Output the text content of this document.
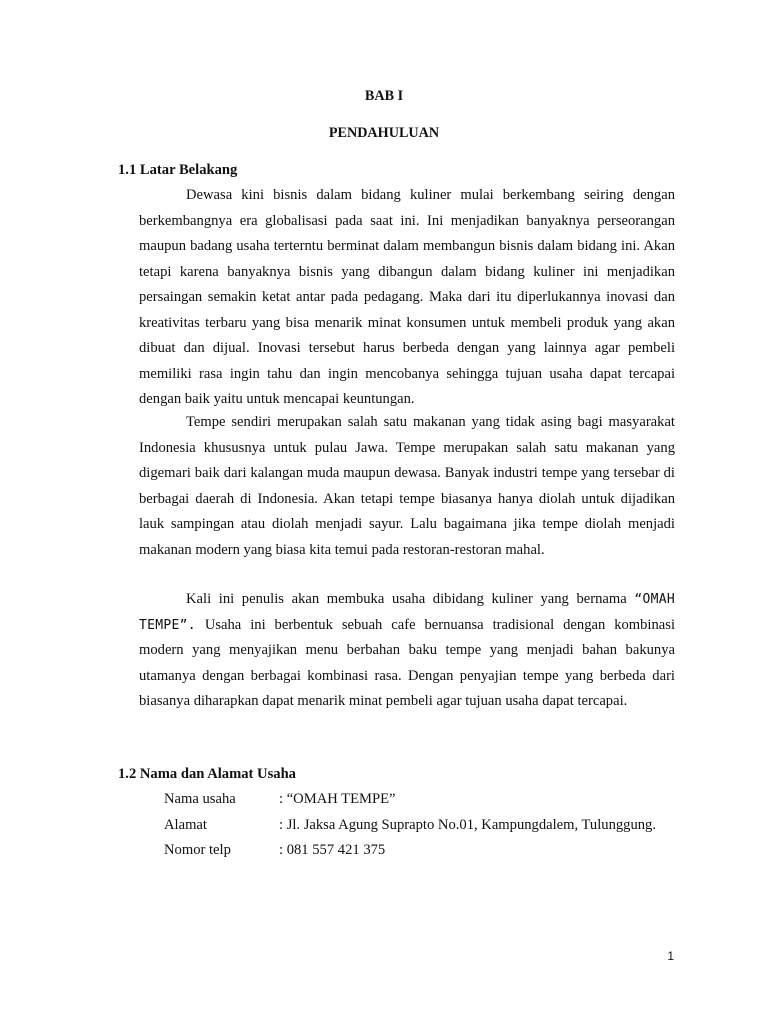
BAB I

PENDAHULUAN

1.1 Latar Belakang

Dewasa kini bisnis dalam bidang kuliner mulai berkembang seiring dengan berkembangnya era globalisasi pada saat ini. Ini menjadikan banyaknya perseorangan maupun badang usaha terterntu berminat dalam membangun bisnis dalam bidang ini. Akan tetapi karena banyaknya bisnis yang dibangun dalam bidang kuliner ini menjadikan persaingan semakin ketat antar pada pedagang. Maka dari itu diperlukannya inovasi dan kreativitas terbaru yang bisa menarik minat konsumen untuk membeli produk yang akan dibuat dan dijual. Inovasi tersebut harus berbeda dengan yang lainnya agar pembeli memiliki rasa ingin tahu dan ingin mencobanya sehingga tujuan usaha dapat tercapai dengan baik yaitu untuk mencapai keuntungan.

Tempe sendiri merupakan salah satu makanan yang tidak asing bagi masyarakat Indonesia khususnya untuk pulau Jawa. Tempe merupakan salah satu makanan yang digemari baik dari kalangan muda maupun dewasa. Banyak industri tempe yang tersebar di berbagai daerah di Indonesia. Akan tetapi tempe biasanya hanya diolah untuk dijadikan lauk sampingan atau diolah menjadi sayur. Lalu bagaimana jika tempe diolah menjadi makanan modern yang biasa kita temui pada restoran-restoran mahal.

Kali ini penulis akan membuka usaha dibidang kuliner yang bernama “OMAH TEMPE”. Usaha ini berbentuk sebuah cafe bernuansa tradisional dengan kombinasi modern yang menyajikan menu berbahan baku tempe yang menjadi bahan bakunya utamanya dengan berbagai kombinasi rasa. Dengan penyajian tempe yang berbeda dari biasanya diharapkan dapat menarik minat pembeli agar tujuan usaha dapat tercapai.

1.2 Nama dan Alamat Usaha

Nama usaha	: “OMAH TEMPE”
Alamat	: Jl. Jaksa Agung Suprapto No.01, Kampungdalem, Tulunggung.
Nomor telp	: 081 557 421 375
1
